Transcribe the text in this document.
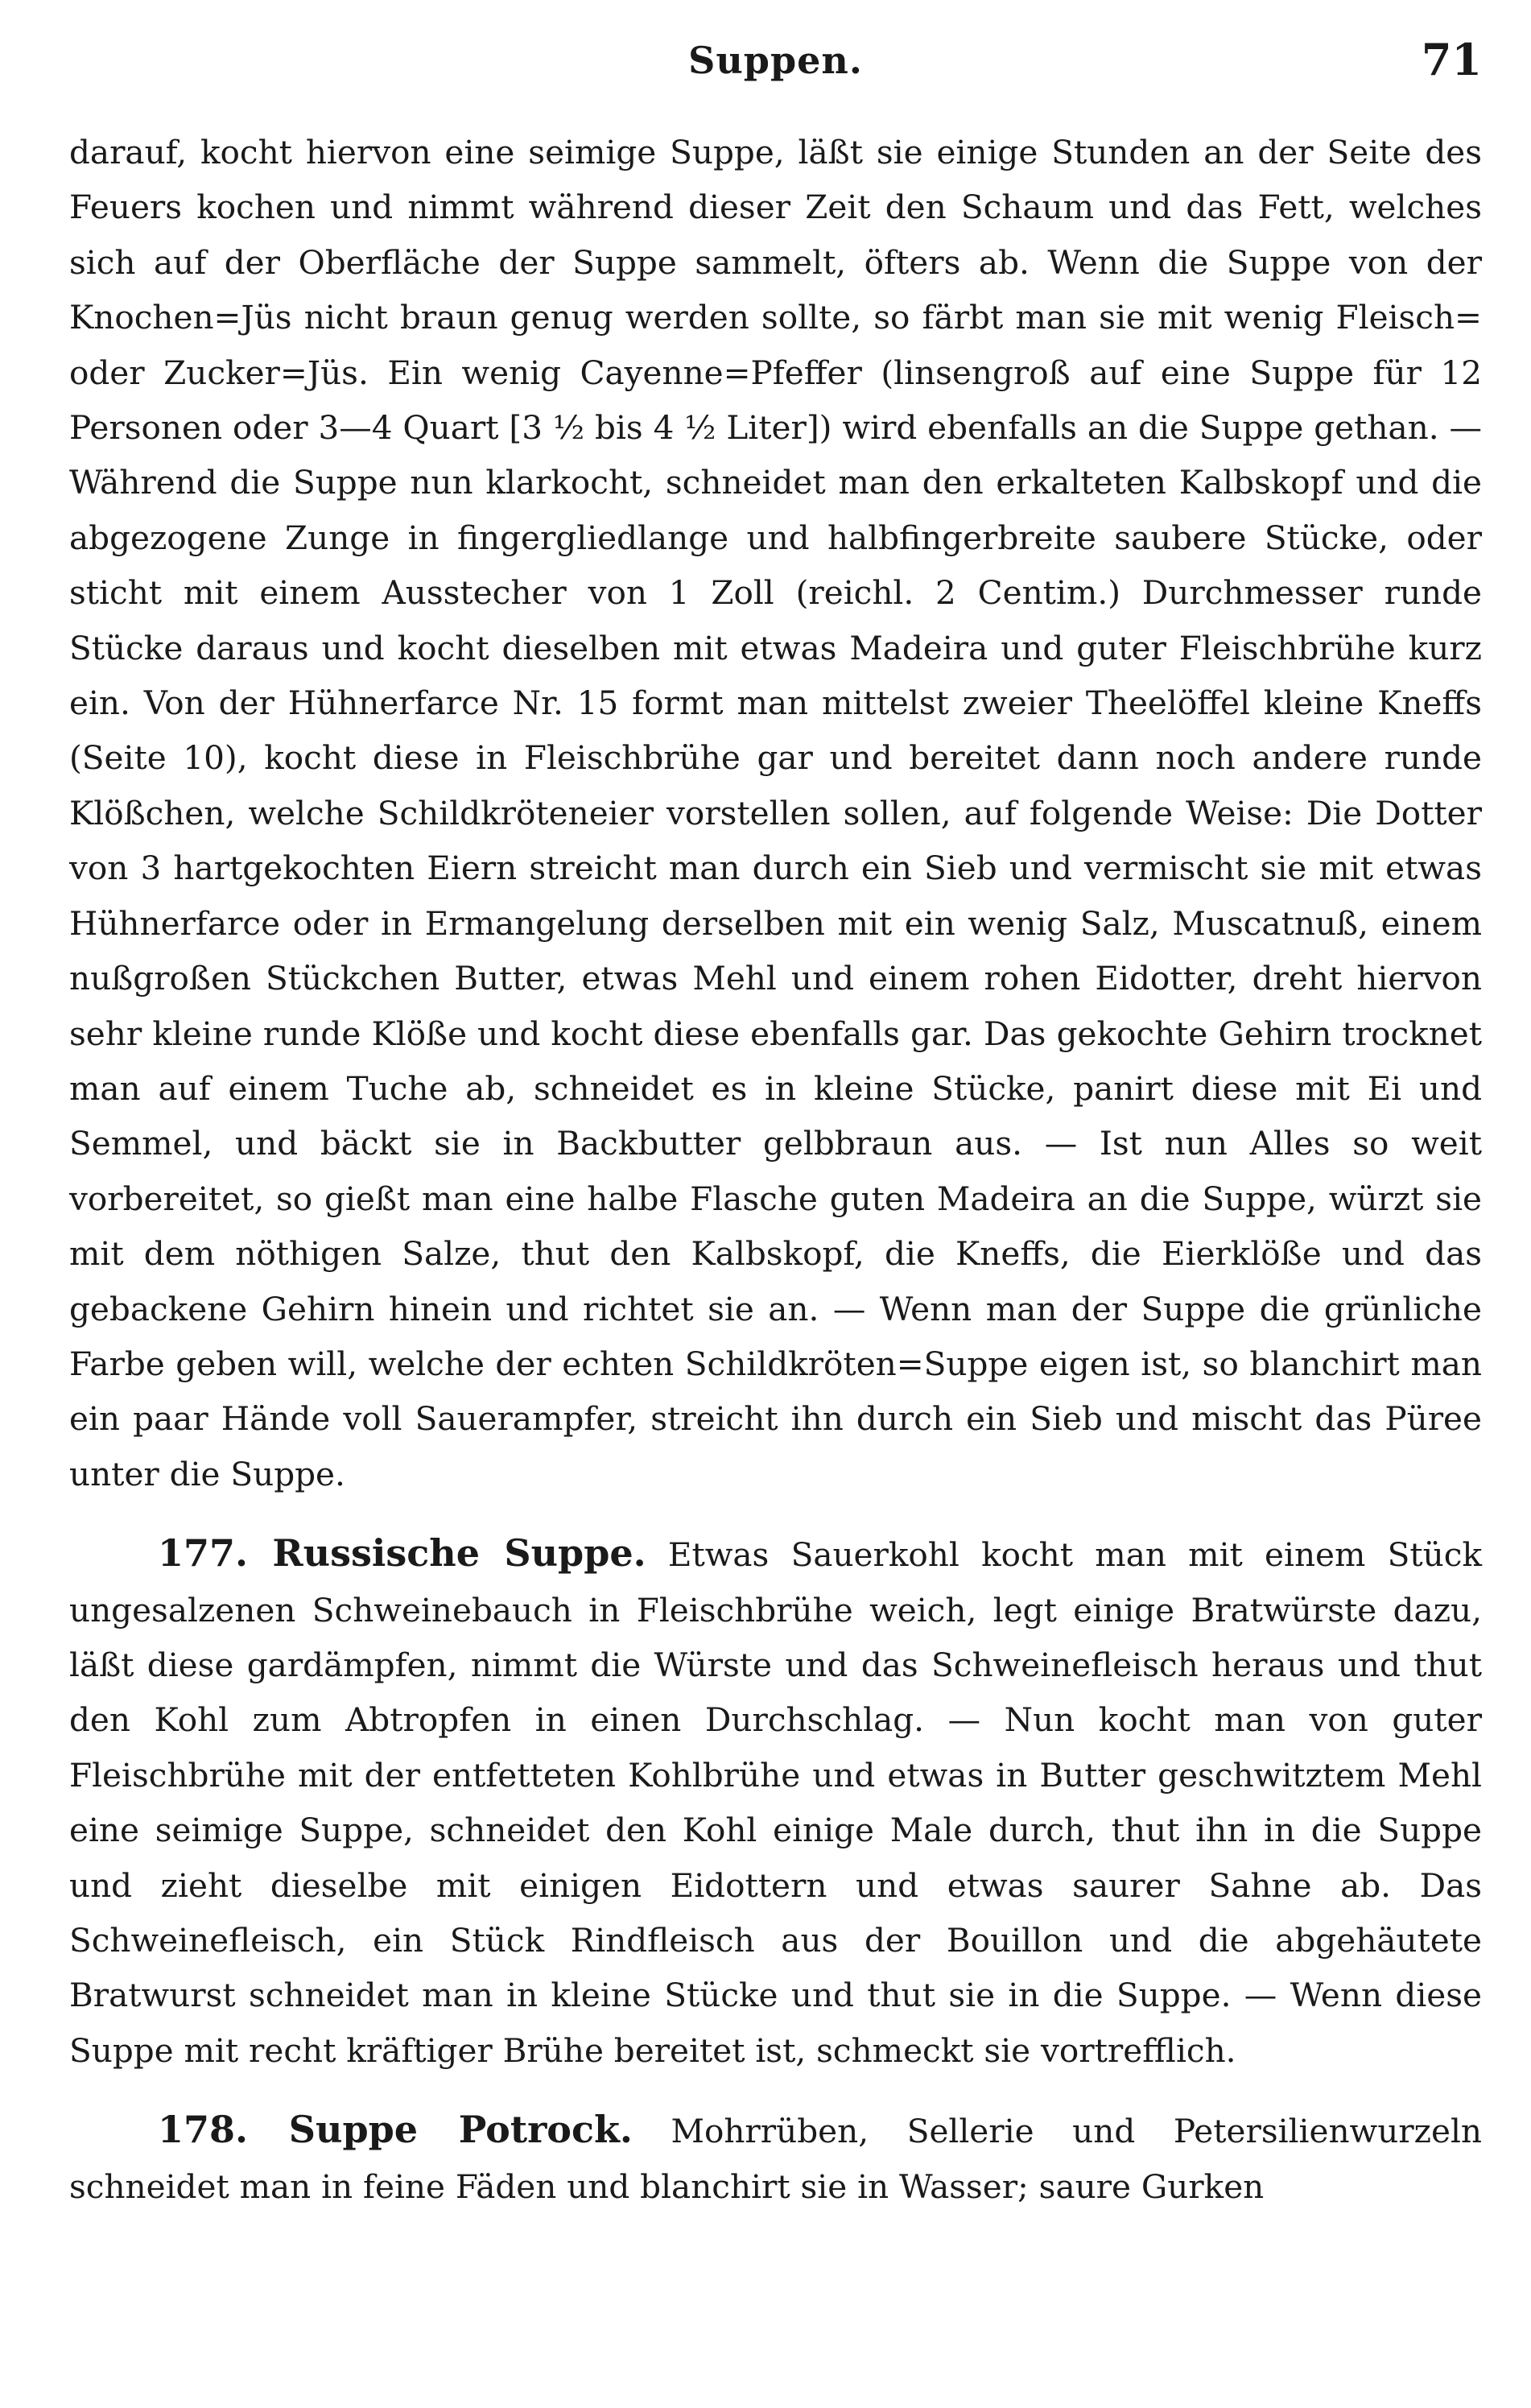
Suppen.	71

darauf, kocht hiervon eine seimige Suppe, läßt sie einige Stunden an der Seite des Feuers kochen und nimmt während dieser Zeit den Schaum und das Fett, welches sich auf der Oberfläche der Suppe sammelt, öfters ab. Wenn die Suppe von der Knochen=Jüs nicht braun genug werden sollte, so färbt man sie mit wenig Fleisch= oder Zucker=Jüs. Ein wenig Cayenne=Pfeffer (linsengroß auf eine Suppe für 12 Personen oder 3—4 Quart [3 ½ bis 4 ½ Liter]) wird ebenfalls an die Suppe gethan. — Während die Suppe nun klarkocht, schneidet man den erkalteten Kalbskopf und die abgezogene Zunge in fingergliedlange und halbfingerbreite saubere Stücke, oder sticht mit einem Ausstecher von 1 Zoll (reichl. 2 Centim.) Durchmesser runde Stücke daraus und kocht dieselben mit etwas Madeira und guter Fleischbrühe kurz ein. Von der Hühnerfarce Nr. 15 formt man mittelst zweier Theelöffel kleine Kneffs (Seite 10), kocht diese in Fleischbrühe gar und bereitet dann noch andere runde Klößchen, welche Schildkröteneier vorstellen sollen, auf folgende Weise: Die Dotter von 3 hartgekochten Eiern streicht man durch ein Sieb und vermischt sie mit etwas Hühnerfarce oder in Ermangelung derselben mit ein wenig Salz, Muscatnuß, einem nußgroßen Stückchen Butter, etwas Mehl und einem rohen Eidotter, dreht hiervon sehr kleine runde Klöße und kocht diese ebenfalls gar. Das gekochte Gehirn trocknet man auf einem Tuche ab, schneidet es in kleine Stücke, panirt diese mit Ei und Semmel, und bäckt sie in Backbutter gelbbraun aus. — Ist nun Alles so weit vorbereitet, so gießt man eine halbe Flasche guten Madeira an die Suppe, würzt sie mit dem nöthigen Salze, thut den Kalbskopf, die Kneffs, die Eierklöße und das gebackene Gehirn hinein und richtet sie an. — Wenn man der Suppe die grünliche Farbe geben will, welche der echten Schildkröten=Suppe eigen ist, so blanchirt man ein paar Hände voll Sauerampfer, streicht ihn durch ein Sieb und mischt das Püree unter die Suppe.

177. Russische Suppe. Etwas Sauerkohl kocht man mit einem Stück ungesalzenen Schweinebauch in Fleischbrühe weich, legt einige Bratwürste dazu, läßt diese gardämpfen, nimmt die Würste und das Schweinefleisch heraus und thut den Kohl zum Abtropfen in einen Durchschlag. — Nun kocht man von guter Fleischbrühe mit der entfetteten Kohlbrühe und etwas in Butter geschwitztem Mehl eine seimige Suppe, schneidet den Kohl einige Male durch, thut ihn in die Suppe und zieht dieselbe mit einigen Eidottern und etwas saurer Sahne ab. Das Schweinefleisch, ein Stück Rindfleisch aus der Bouillon und die abgehäutete Bratwurst schneidet man in kleine Stücke und thut sie in die Suppe. — Wenn diese Suppe mit recht kräftiger Brühe bereitet ist, schmeckt sie vortrefflich.

178. Suppe Potrock. Mohrrüben, Sellerie und Petersilienwurzeln schneidet man in feine Fäden und blanchirt sie in Wasser; saure Gurken
